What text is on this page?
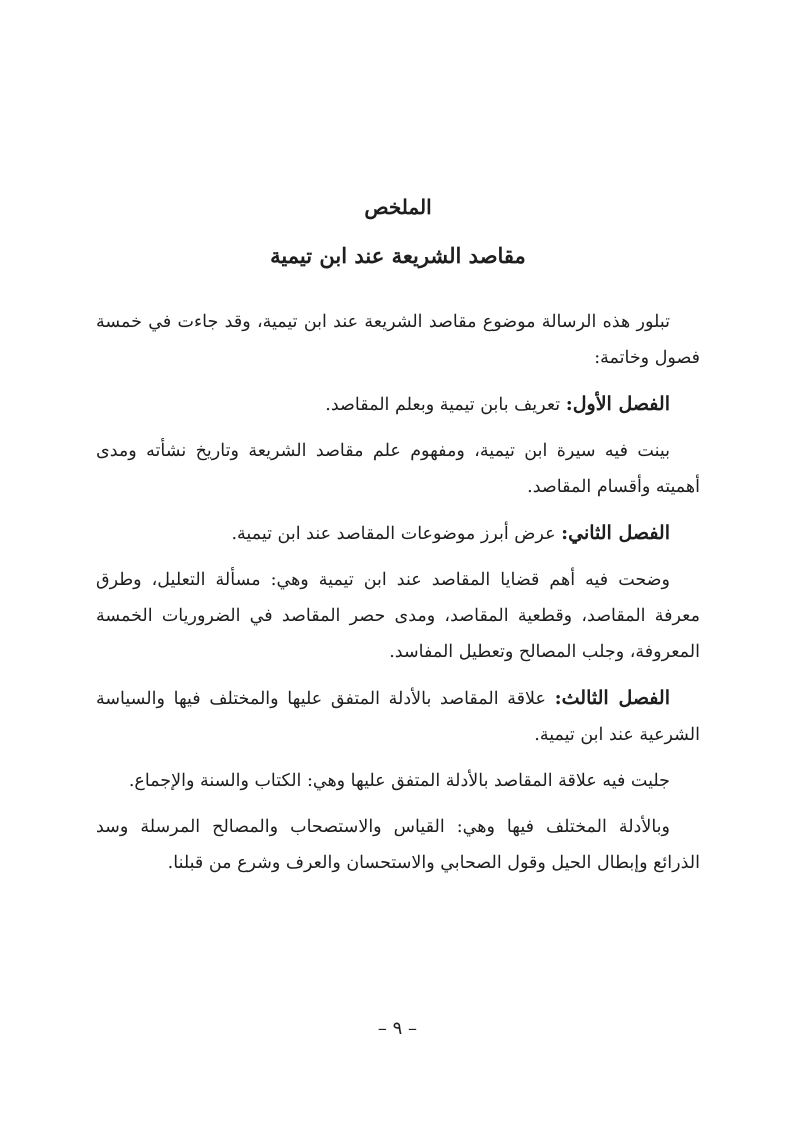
الملخص
مقاصد الشريعة عند ابن تيمية

تبلور هذه الرسالة موضوع مقاصد الشريعة عند ابن تيمية، وقد جاءت في خمسة فصول وخاتمة:

الفصل الأول: تعريف بابن تيمية وبعلم المقاصد.

بينت فيه سيرة ابن تيمية، ومفهوم علم مقاصد الشريعة وتاريخ نشأته ومدى أهميته وأقسام المقاصد.

الفصل الثاني: عرض أبرز موضوعات المقاصد عند ابن تيمية.

وضحت فيه أهم قضايا المقاصد عند ابن تيمية وهي: مسألة التعليل، وطرق معرفة المقاصد، وقطعية المقاصد، ومدى حصر المقاصد في الضروريات الخمسة المعروفة، وجلب المصالح وتعطيل المفاسد.

الفصل الثالث: علاقة المقاصد بالأدلة المتفق عليها والمختلف فيها والسياسة الشرعية عند ابن تيمية.

جليت فيه علاقة المقاصد بالأدلة المتفق عليها وهي: الكتاب والسنة والإجماع.

وبالأدلة المختلف فيها وهي: القياس والاستصحاب والمصالح المرسلة وسد الذرائع وإبطال الحيل وقول الصحابي والاستحسان والعرف وشرع من قبلنا.

– ٩ –
